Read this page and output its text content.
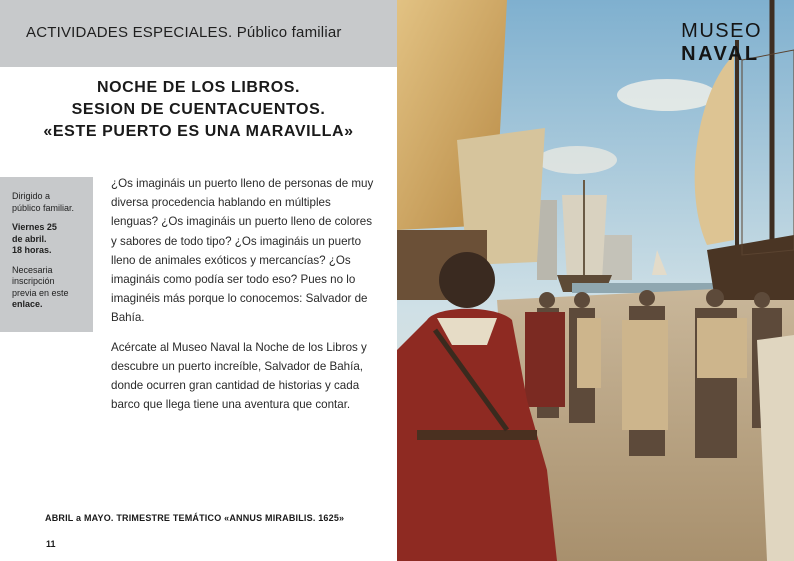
ACTIVIDADES ESPECIALES. Público familiar
NOCHE DE LOS LIBROS.
SESION DE CUENTACUENTOS.
«ESTE PUERTO ES UNA MARAVILLA»

Dirigido a
público familiar.

Viernes 25
de abril.
18 horas.

Necesaria
inscripción
previa en este
enlace.

¿Os imagináis un puerto lleno de personas de muy diversa procedencia hablando en múltiples lenguas? ¿Os imagináis un puerto lleno de colores y sabores de todo tipo? ¿Os imagináis un puerto lleno de animales exóticos y mercancías? ¿Os imagináis como podía ser todo eso? Pues no lo imaginéis más porque lo conocemos: Salvador de Bahía.

Acércate al Museo Naval la Noche de los Libros y descubre un puerto increíble, Salvador de Bahía, donde ocurren gran cantidad de historias y cada barco que llega tiene una aventura que contar.

ABRIL a MAYO. TRIMESTRE TEMÁTICO «ANNUS MIRABILIS. 1625»
11
MUSEO
NAVAL
